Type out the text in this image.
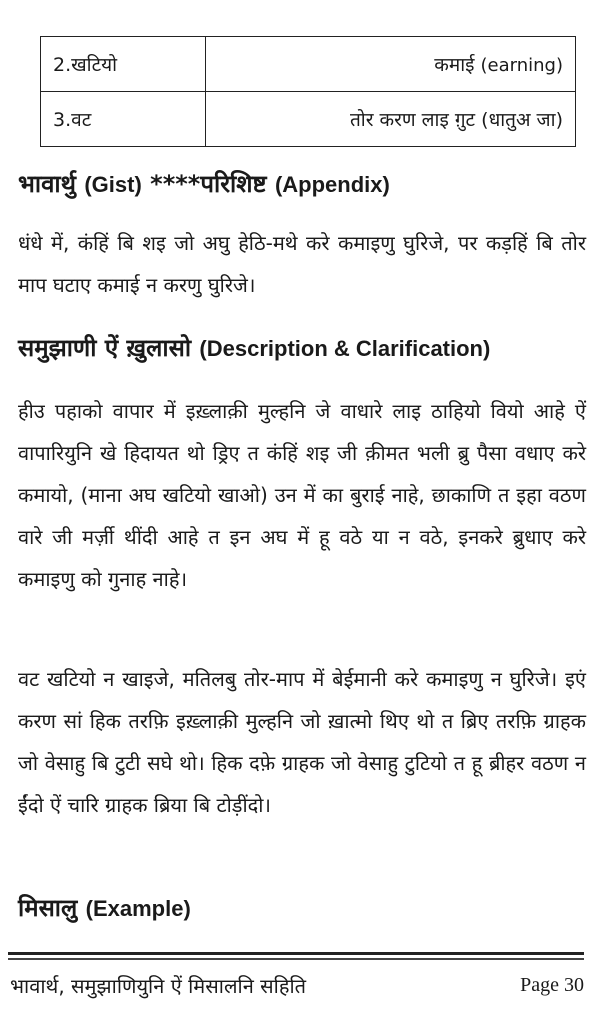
2.खटियो	कमाई (earning)
3.वट	तोर करण लाइ ग़ुट (धातुअ जा)
भावार्थु (Gist) ****परिशिष्ट (Appendix)
धंधे में, कंहिं बि शइ जो अघु हेठि-मथे करे कमाइणु घुरिजे, पर कड़हिं बि तोर माप घटाए कमाई न करणु घुरिजे।
समुझाणी ऐं ख़ुलासो (Description & Clarification)
हीउ पहाको वापार में इख़्लाक़ी मुल्हनि जे वाधारे लाइ ठाहियो वियो आहे ऐं वापारियुनि खे हिदायत थो ड्रिए त कंहिं शइ जी क़ीमत भली ब्रु पैसा वधाए करे कमायो, (माना अघ खटियो खाओ) उन में का बुराई नाहे, छाकाणि त इहा वठण वारे जी मर्ज़ी थींदी आहे त इन अघ में हू वठे या न वठे, इनकरे ब्रुधाए करे कमाइणु को गुनाह नाहे।
वट खटियो न खाइजे, मतिलबु तोर-माप में बेईमानी करे कमाइणु न घुरिजे। इएं करण सां हिक तरफ़ि इख़्लाक़ी मुल्हनि जो ख़ात्मो थिए थो त ब्रिए तरफ़ि ग्राहक जो वेसाहु बि टुटी सघे थो। हिक दफ़े ग्राहक जो वेसाहु टुटियो त हू ब्रीहर वठण न ईंदो ऐं चारि ग्राहक ब्रिया बि टोड़ींदो।
मिसालु (Example)
भावार्थ, समुझाणियुनि ऐं मिसालनि सहिति	Page 30
